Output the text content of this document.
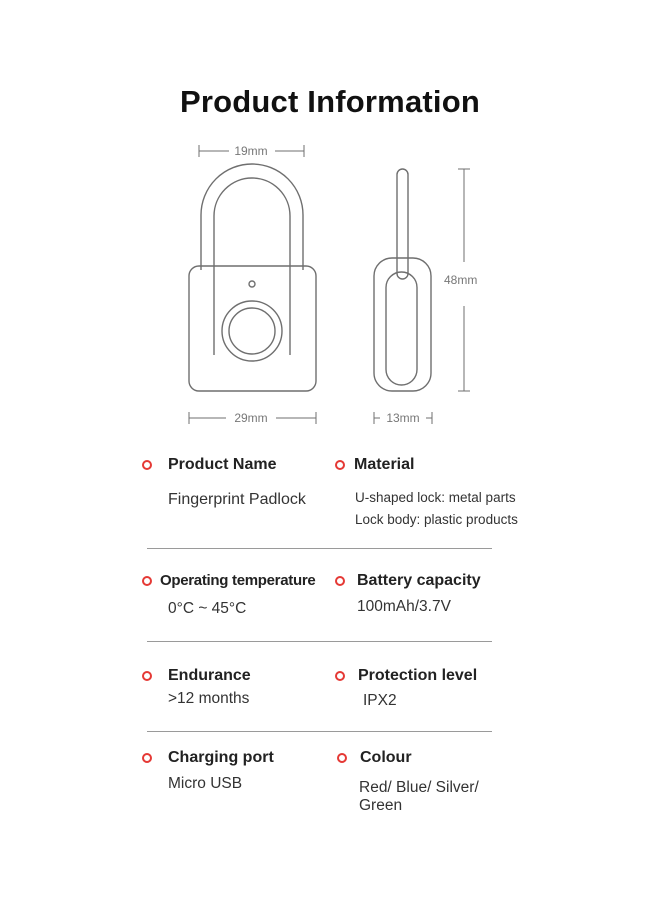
Product Information
19mm
29mm	13mm
48mm
Product Name
Fingerprint Padlock
Material
U-shaped lock: metal parts
Lock body: plastic products
Operating temperature
0°C ~ 45°C
Battery capacity
100mAh/3.7V
Endurance
>12 months
Protection level
IPX2
Charging port
Micro USB
Colour
Red/ Blue/ Silver/
Green
